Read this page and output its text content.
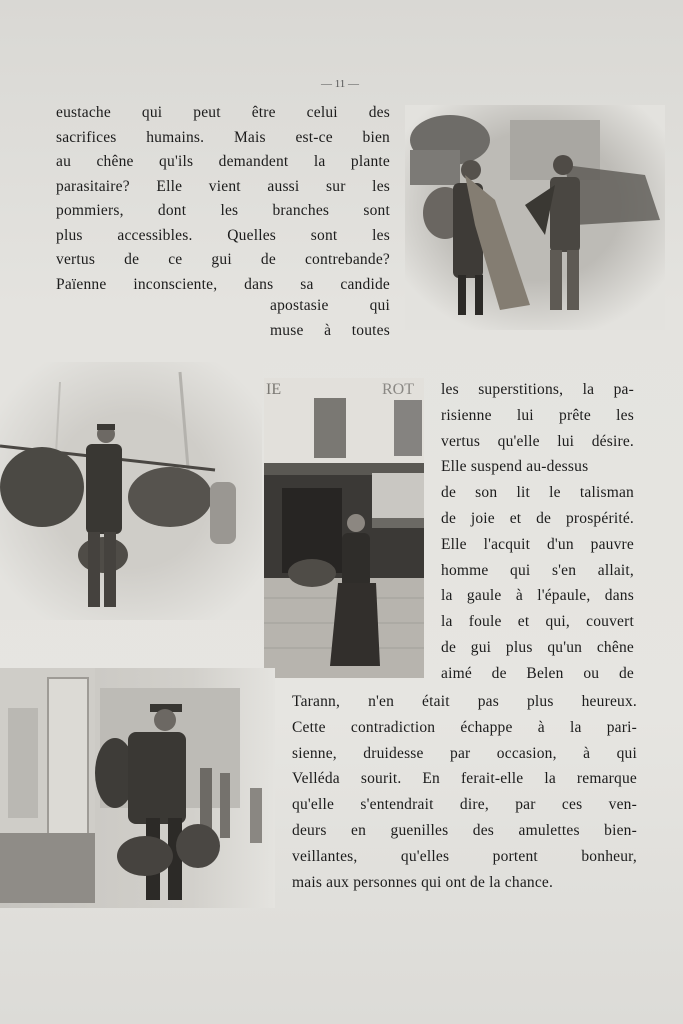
— 11 —
eustache qui peut être celui des
sacrifices humains. Mais est-ce bien
au chêne qu'ils demandent la plante
parasitaire? Elle vient aussi sur les
pommiers, dont les branches sont
plus accessibles. Quelles sont les
vertus de ce gui de contrebande?
Païenne inconsciente, dans sa candide
apostasie qui
muse à toutes
les superstitions, la pa-
risienne lui prête les
vertus qu'elle lui désire.
Elle suspend au-dessus
de son lit le talisman
de joie et de prospérité.
Elle l'acquit d'un pauvre
homme qui s'en allait,
la gaule à l'épaule, dans
la foule et qui, couvert
de gui plus qu'un chêne
aimé de Belen ou de
Tarann, n'en était pas plus heureux.
Cette contradiction échappe à la pari-
sienne, druidesse par occasion, à qui
Velléda sourit. En ferait-elle la remarque
qu'elle s'entendrait dire, par ces ven-
deurs en guenilles des amulettes bien-
veillantes, qu'elles portent bonheur,
mais aux personnes qui ont de la chance.
IE	ROT
